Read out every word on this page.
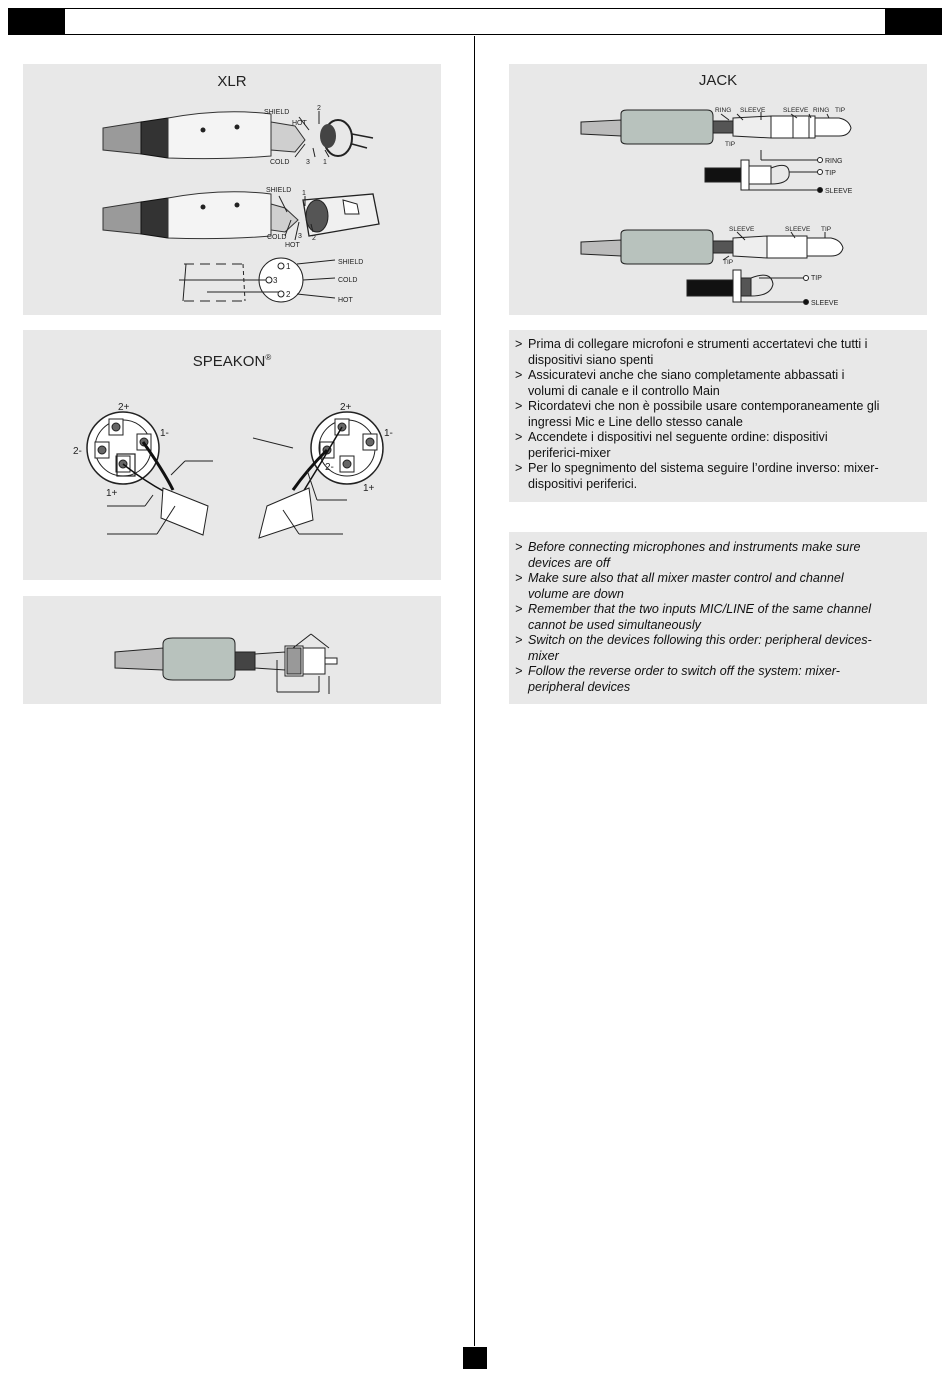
XLR
SHIELD
HOT
2
COLD 3 1
SHIELD 1
COLD 3
HOT
2
1
3
2
SHIELD
COLD
HOT
SPEAKON®
2+
1-
2-
1+
2+
1-
2-
1+
JACK
RING SLEEVE	SLEEVE RING TIP
TIP
RING
TIP
SLEEVE
SLEEVE	SLEEVE TIP
TIP
TIP
SLEEVE
> Prima di collegare microfoni e strumenti accertatevi che tutti i
dispositivi siano spenti
> Assicuratevi anche che siano completamente abbassati i
volumi di canale e il controllo Main
> Ricordatevi che non è possibile usare contemporaneamente gli
ingressi Mic e Line dello stesso canale
> Accendete i dispositivi nel seguente ordine: dispositivi
periferici-mixer
> Per lo spegnimento del sistema seguire l’ordine inverso: mixer-
dispositivi periferici.
> Before connecting microphones and instruments make sure
devices are off
> Make sure also that all mixer master control and channel
volume are down
> Remember that the two inputs MIC/LINE of the same channel
cannot be used simultaneously
> Switch on the devices following this order: peripheral devices-
mixer
> Follow the reverse order to switch off the system: mixer-
peripheral devices
